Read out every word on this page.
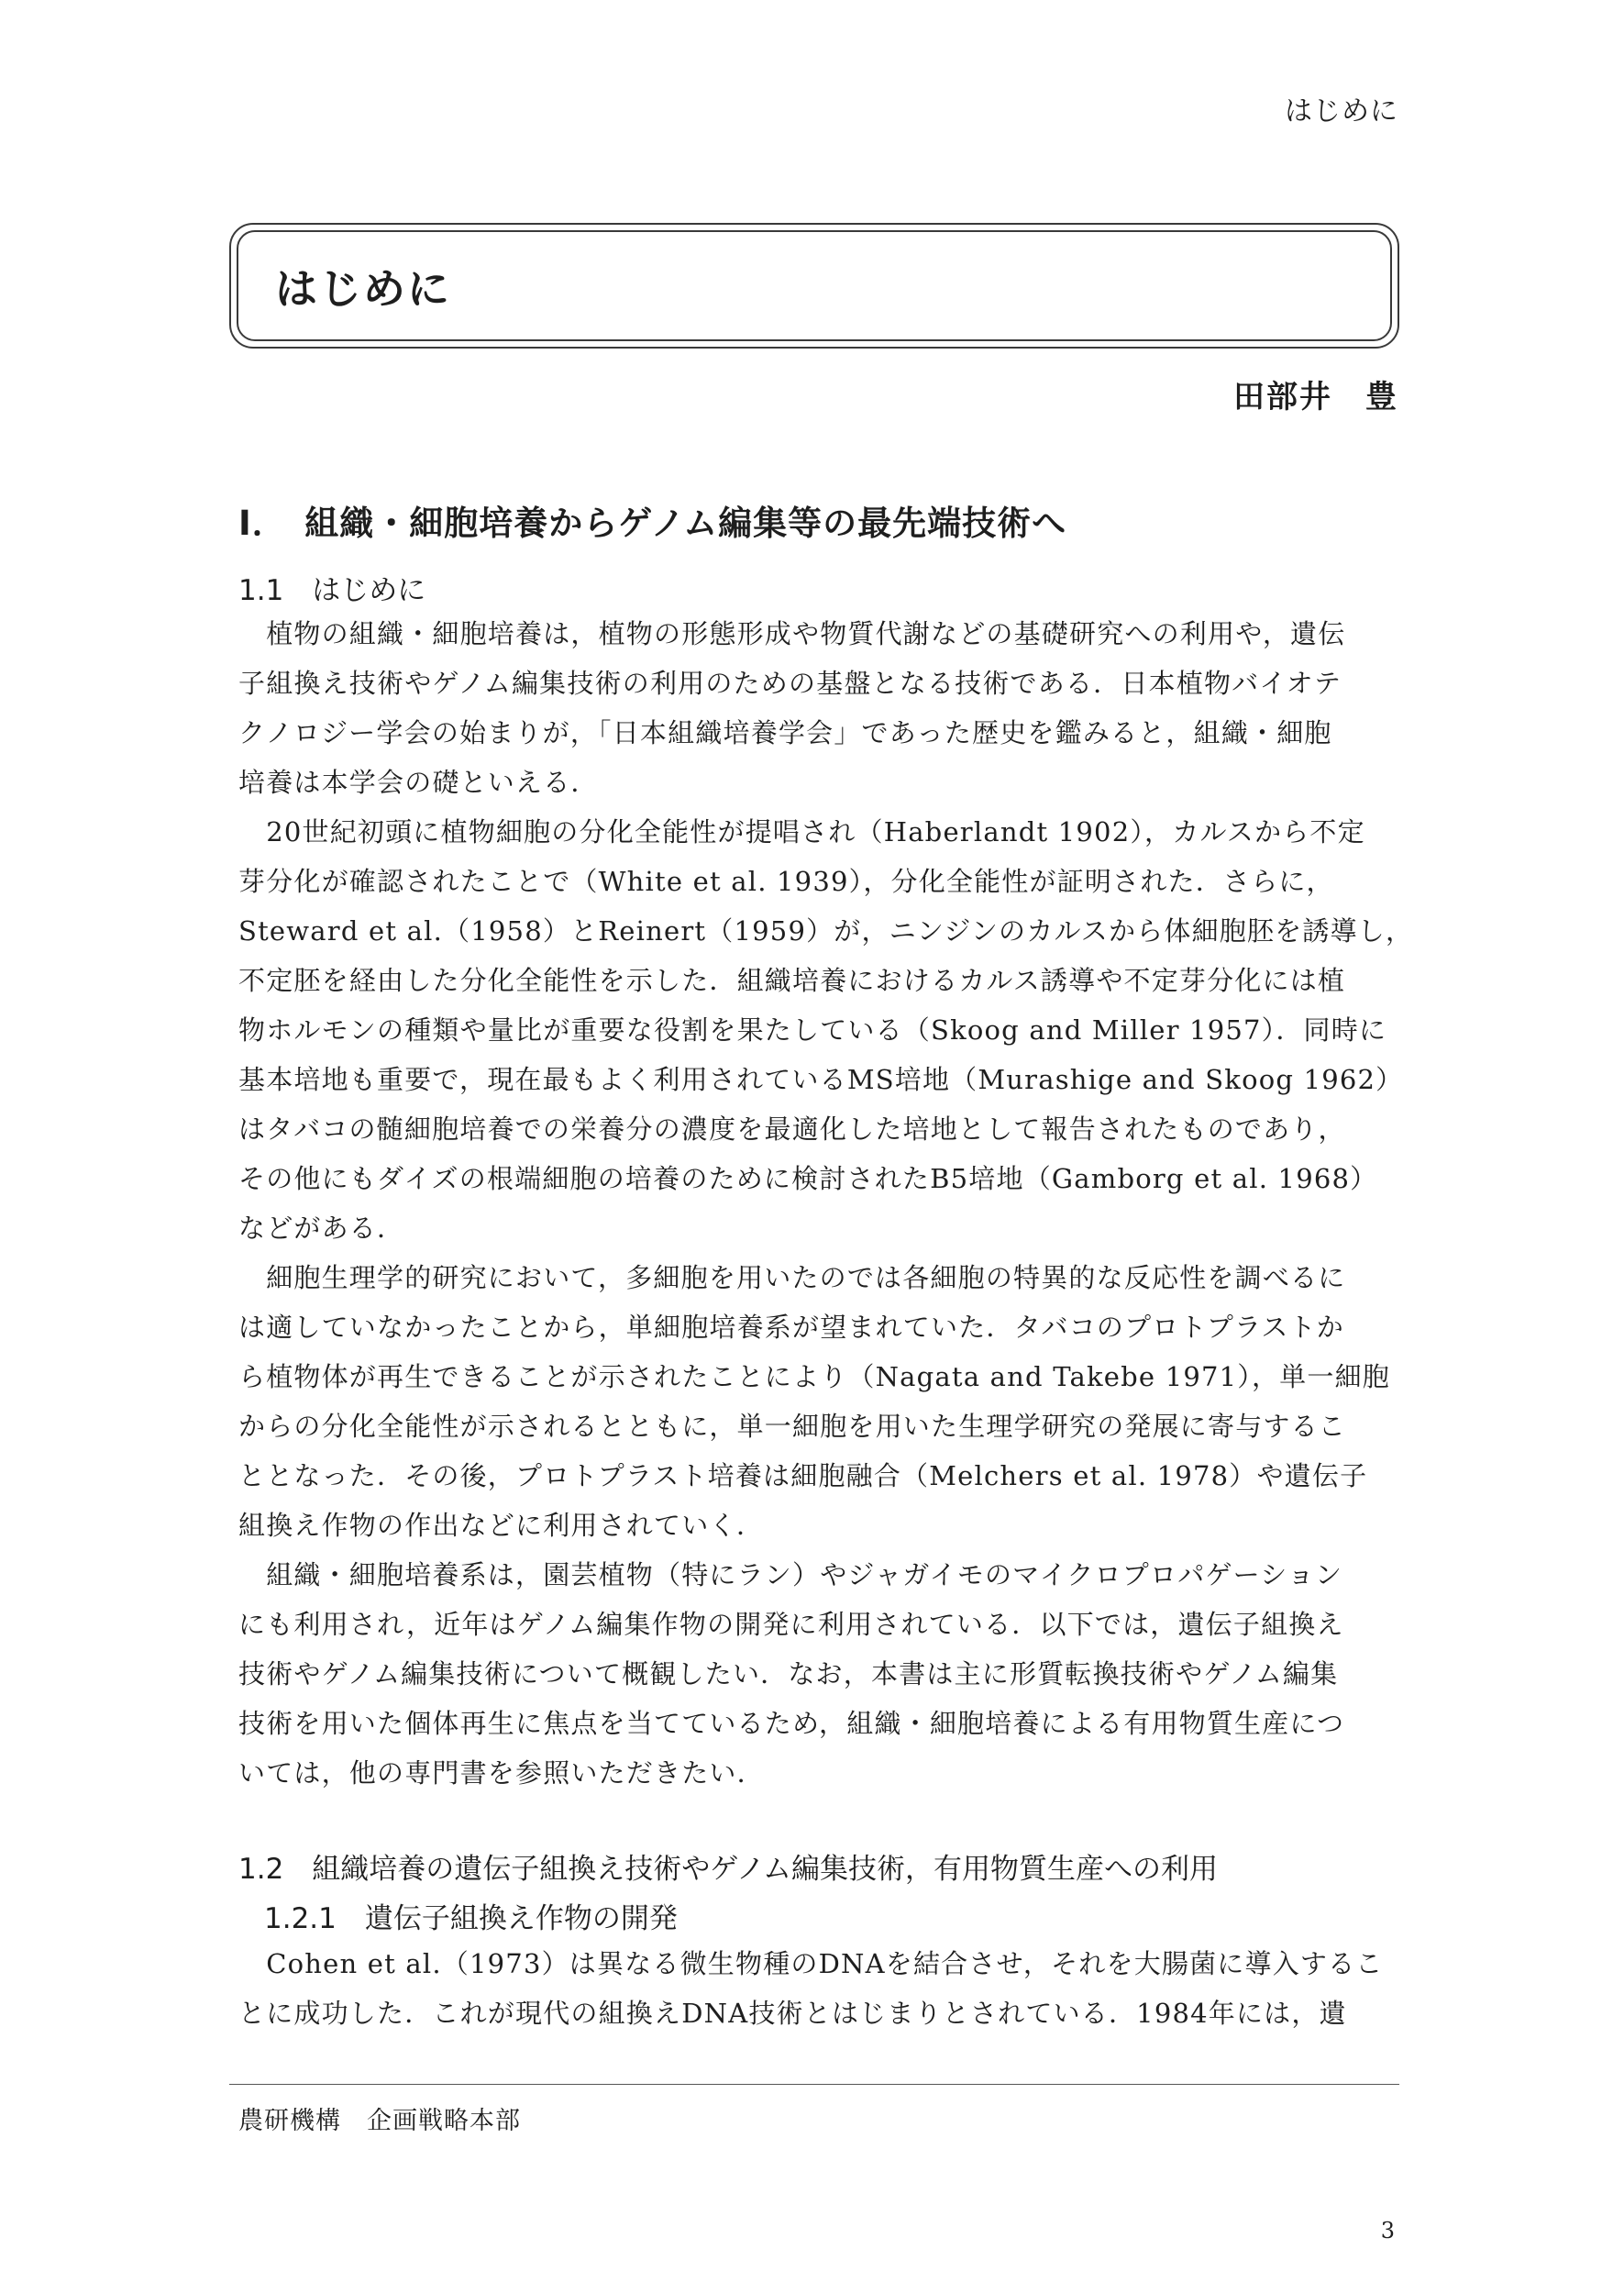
はじめに
はじめに
田部井　豊
Ⅰ．　組織・細胞培養からゲノム編集等の最先端技術へ
1.1　はじめに

　植物の組織・細胞培養は，植物の形態形成や物質代謝などの基礎研究への利用や，遺伝
子組換え技術やゲノム編集技術の利用のための基盤となる技術である．日本植物バイオテ
クノロジー学会の始まりが，「日本組織培養学会」であった歴史を鑑みると，組織・細胞
培養は本学会の礎といえる．

　20世紀初頭に植物細胞の分化全能性が提唱され（Haberlandt 1902），カルスから不定
芽分化が確認されたことで（White et al. 1939），分化全能性が証明された．さらに，
Steward et al.（1958）とReinert（1959）が，ニンジンのカルスから体細胞胚を誘導し，
不定胚を経由した分化全能性を示した．組織培養におけるカルス誘導や不定芽分化には植
物ホルモンの種類や量比が重要な役割を果たしている（Skoog and Miller 1957）．同時に
基本培地も重要で，現在最もよく利用されているMS培地（Murashige and Skoog 1962）
はタバコの髄細胞培養での栄養分の濃度を最適化した培地として報告されたものであり，
その他にもダイズの根端細胞の培養のために検討されたB5培地（Gamborg et al. 1968）
などがある．

　細胞生理学的研究において，多細胞を用いたのでは各細胞の特異的な反応性を調べるに
は適していなかったことから，単細胞培養系が望まれていた．タバコのプロトプラストか
ら植物体が再生できることが示されたことにより（Nagata and Takebe 1971），単一細胞
からの分化全能性が示されるとともに，単一細胞を用いた生理学研究の発展に寄与するこ
ととなった．その後，プロトプラスト培養は細胞融合（Melchers et al. 1978）や遺伝子
組換え作物の作出などに利用されていく．

　組織・細胞培養系は，園芸植物（特にラン）やジャガイモのマイクロプロパゲーション
にも利用され，近年はゲノム編集作物の開発に利用されている．以下では，遺伝子組換え
技術やゲノム編集技術について概観したい．なお，本書は主に形質転換技術やゲノム編集
技術を用いた個体再生に焦点を当てているため，組織・細胞培養による有用物質生産につ
いては，他の専門書を参照いただきたい．

1.2　組織培養の遺伝子組換え技術やゲノム編集技術，有用物質生産への利用
1.2.1　遺伝子組換え作物の開発

　Cohen et al.（1973）は異なる微生物種のDNAを結合させ，それを大腸菌に導入するこ
とに成功した．これが現代の組換えDNA技術とはじまりとされている．1984年には，遺

農研機構　企画戦略本部
3
